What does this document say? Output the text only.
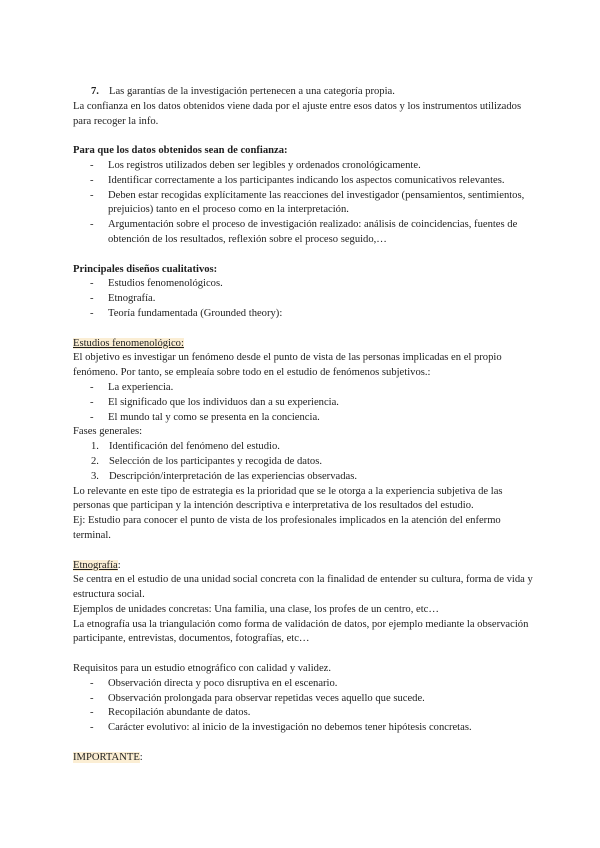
7. Las garantías de la investigación pertenecen a una categoría propia.

La confianza en los datos obtenidos viene dada por el ajuste entre esos datos y los instrumentos utilizados para recoger la info.

Para que los datos obtenidos sean de confianza:

- Los registros utilizados deben ser legibles y ordenados cronológicamente.
- Identificar correctamente a los participantes indicando los aspectos comunicativos relevantes.
- Deben estar recogidas explícitamente las reacciones del investigador (pensamientos, sentimientos, prejuicios) tanto en el proceso como en la interpretación.
- Argumentación sobre el proceso de investigación realizado: análisis de coincidencias, fuentes de obtención de los resultados, reflexión sobre el proceso seguido,…

Principales diseños cualitativos:

- Estudios fenomenológicos.
- Etnografía.
- Teoría fundamentada (Grounded theory):

Estudios fenomenológico:

El objetivo es investigar un fenómeno desde el punto de vista de las personas implicadas en el propio fenómeno. Por tanto, se empleaía sobre todo en el estudio de fenómenos subjetivos.:

- La experiencia.
- El significado que los individuos dan a su experiencia.
- El mundo tal y como se presenta en la conciencia.

Fases generales:

1. Identificación del fenómeno del estudio.
2. Selección de los participantes y recogida de datos.
3. Descripción/interpretación de las experiencias observadas.

Lo relevante en este tipo de estrategia es la prioridad que se le otorga a la experiencia subjetiva de las personas que participan y la intención descriptiva e interpretativa de los resultados del estudio.

Ej: Estudio para conocer el punto de vista de los profesionales implicados en la atención del enfermo terminal.

Etnografía:

Se centra en el estudio de una unidad social concreta con la finalidad de entender su cultura, forma de vida y estructura social.

Ejemplos de unidades concretas: Una familia, una clase, los profes de un centro, etc…

La etnografía usa la triangulación como forma de validación de datos, por ejemplo mediante la observación participante, entrevistas, documentos, fotografías, etc…

Requisitos para un estudio etnográfico con calidad y validez.

- Observación directa y poco disruptiva en el escenario.
- Observación prolongada para observar repetidas veces aquello que sucede.
- Recopilación abundante de datos.
- Carácter evolutivo: al inicio de la investigación no debemos tener hipótesis concretas.

IMPORTANTE:
